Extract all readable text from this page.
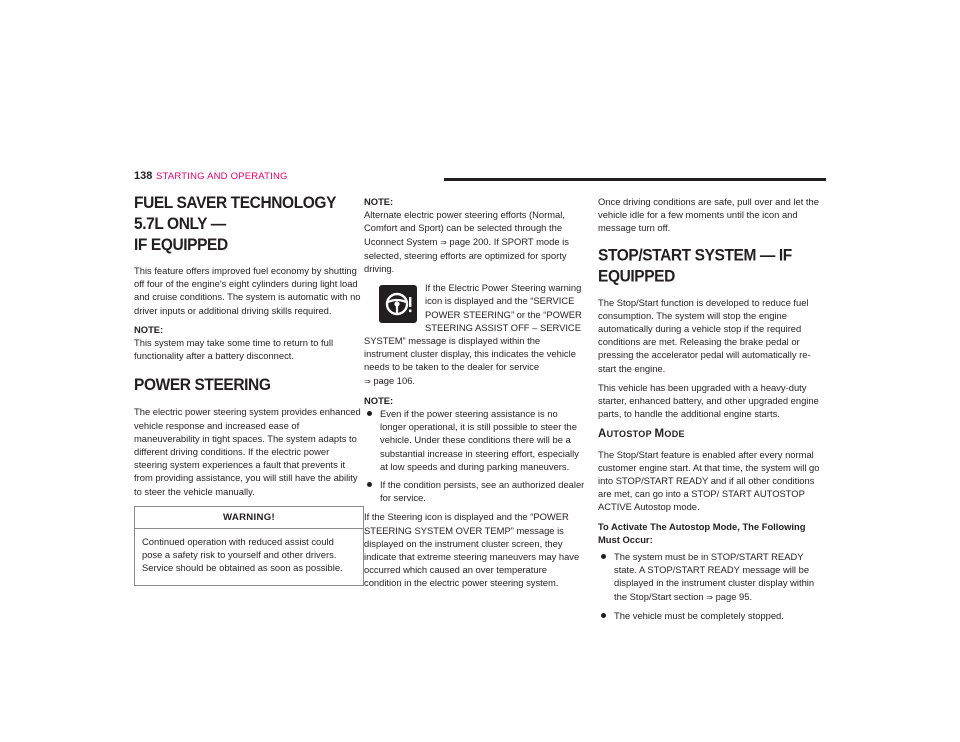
138 STARTING AND OPERATING
FUEL SAVER TECHNOLOGY 5.7L ONLY —
IF EQUIPPED

This feature offers improved fuel economy by shutting off four of the engine's eight cylinders during light load and cruise conditions. The system is automatic with no driver inputs or additional driving skills required.

NOTE:

This system may take some time to return to full functionality after a battery disconnect.

POWER STEERING

The electric power steering system provides enhanced vehicle response and increased ease of maneuverability in tight spaces. The system adapts to different driving conditions. If the electric power steering system experiences a fault that prevents it from providing assistance, you will still have the ability to steer the vehicle manually.

WARNING!
Continued operation with reduced assist could pose a safety risk to yourself and other drivers. Service should be obtained as soon as possible.
NOTE:

Alternate electric power steering efforts (Normal, Comfort and Sport) can be selected through the Uconnect System ⇒ page 200. If SPORT mode is selected, steering efforts are optimized for sporty driving.

If the Electric Power Steering warning icon is displayed and the “SERVICE POWER STEERING” or the “POWER STEERING ASSIST OFF – SERVICE SYSTEM” message is displayed within the instrument cluster display, this indicates the vehicle needs to be taken to the dealer for service ⇒ page 106.

NOTE:
Even if the power steering assistance is no longer operational, it is still possible to steer the vehicle. Under these conditions there will be a substantial increase in steering effort, especially at low speeds and during parking maneuvers.
If the condition persists, see an authorized dealer for service.

If the Steering icon is displayed and the “POWER STEERING SYSTEM OVER TEMP” message is displayed on the instrument cluster screen, they indicate that extreme steering maneuvers may have occurred which caused an over temperature condition in the electric power steering system.

Once driving conditions are safe, pull over and let the vehicle idle for a few moments until the icon and message turn off.

STOP/START SYSTEM — IF EQUIPPED

The Stop/Start function is developed to reduce fuel consumption. The system will stop the engine automatically during a vehicle stop if the required conditions are met. Releasing the brake pedal or pressing the accelerator pedal will automatically re-start the engine.

This vehicle has been upgraded with a heavy-duty starter, enhanced battery, and other upgraded engine parts, to handle the additional engine starts.

AUTOSTOP MODE

The Stop/Start feature is enabled after every normal customer engine start. At that time, the system will go into STOP/START READY and if all other conditions are met, can go into a STOP/ START AUTOSTOP ACTIVE Autostop mode.

To Activate The Autostop Mode, The Following Must Occur:

The system must be in STOP/START READY state. A STOP/START READY message will be displayed in the instrument cluster display within the Stop/Start section ⇒ page 95.
The vehicle must be completely stopped.
